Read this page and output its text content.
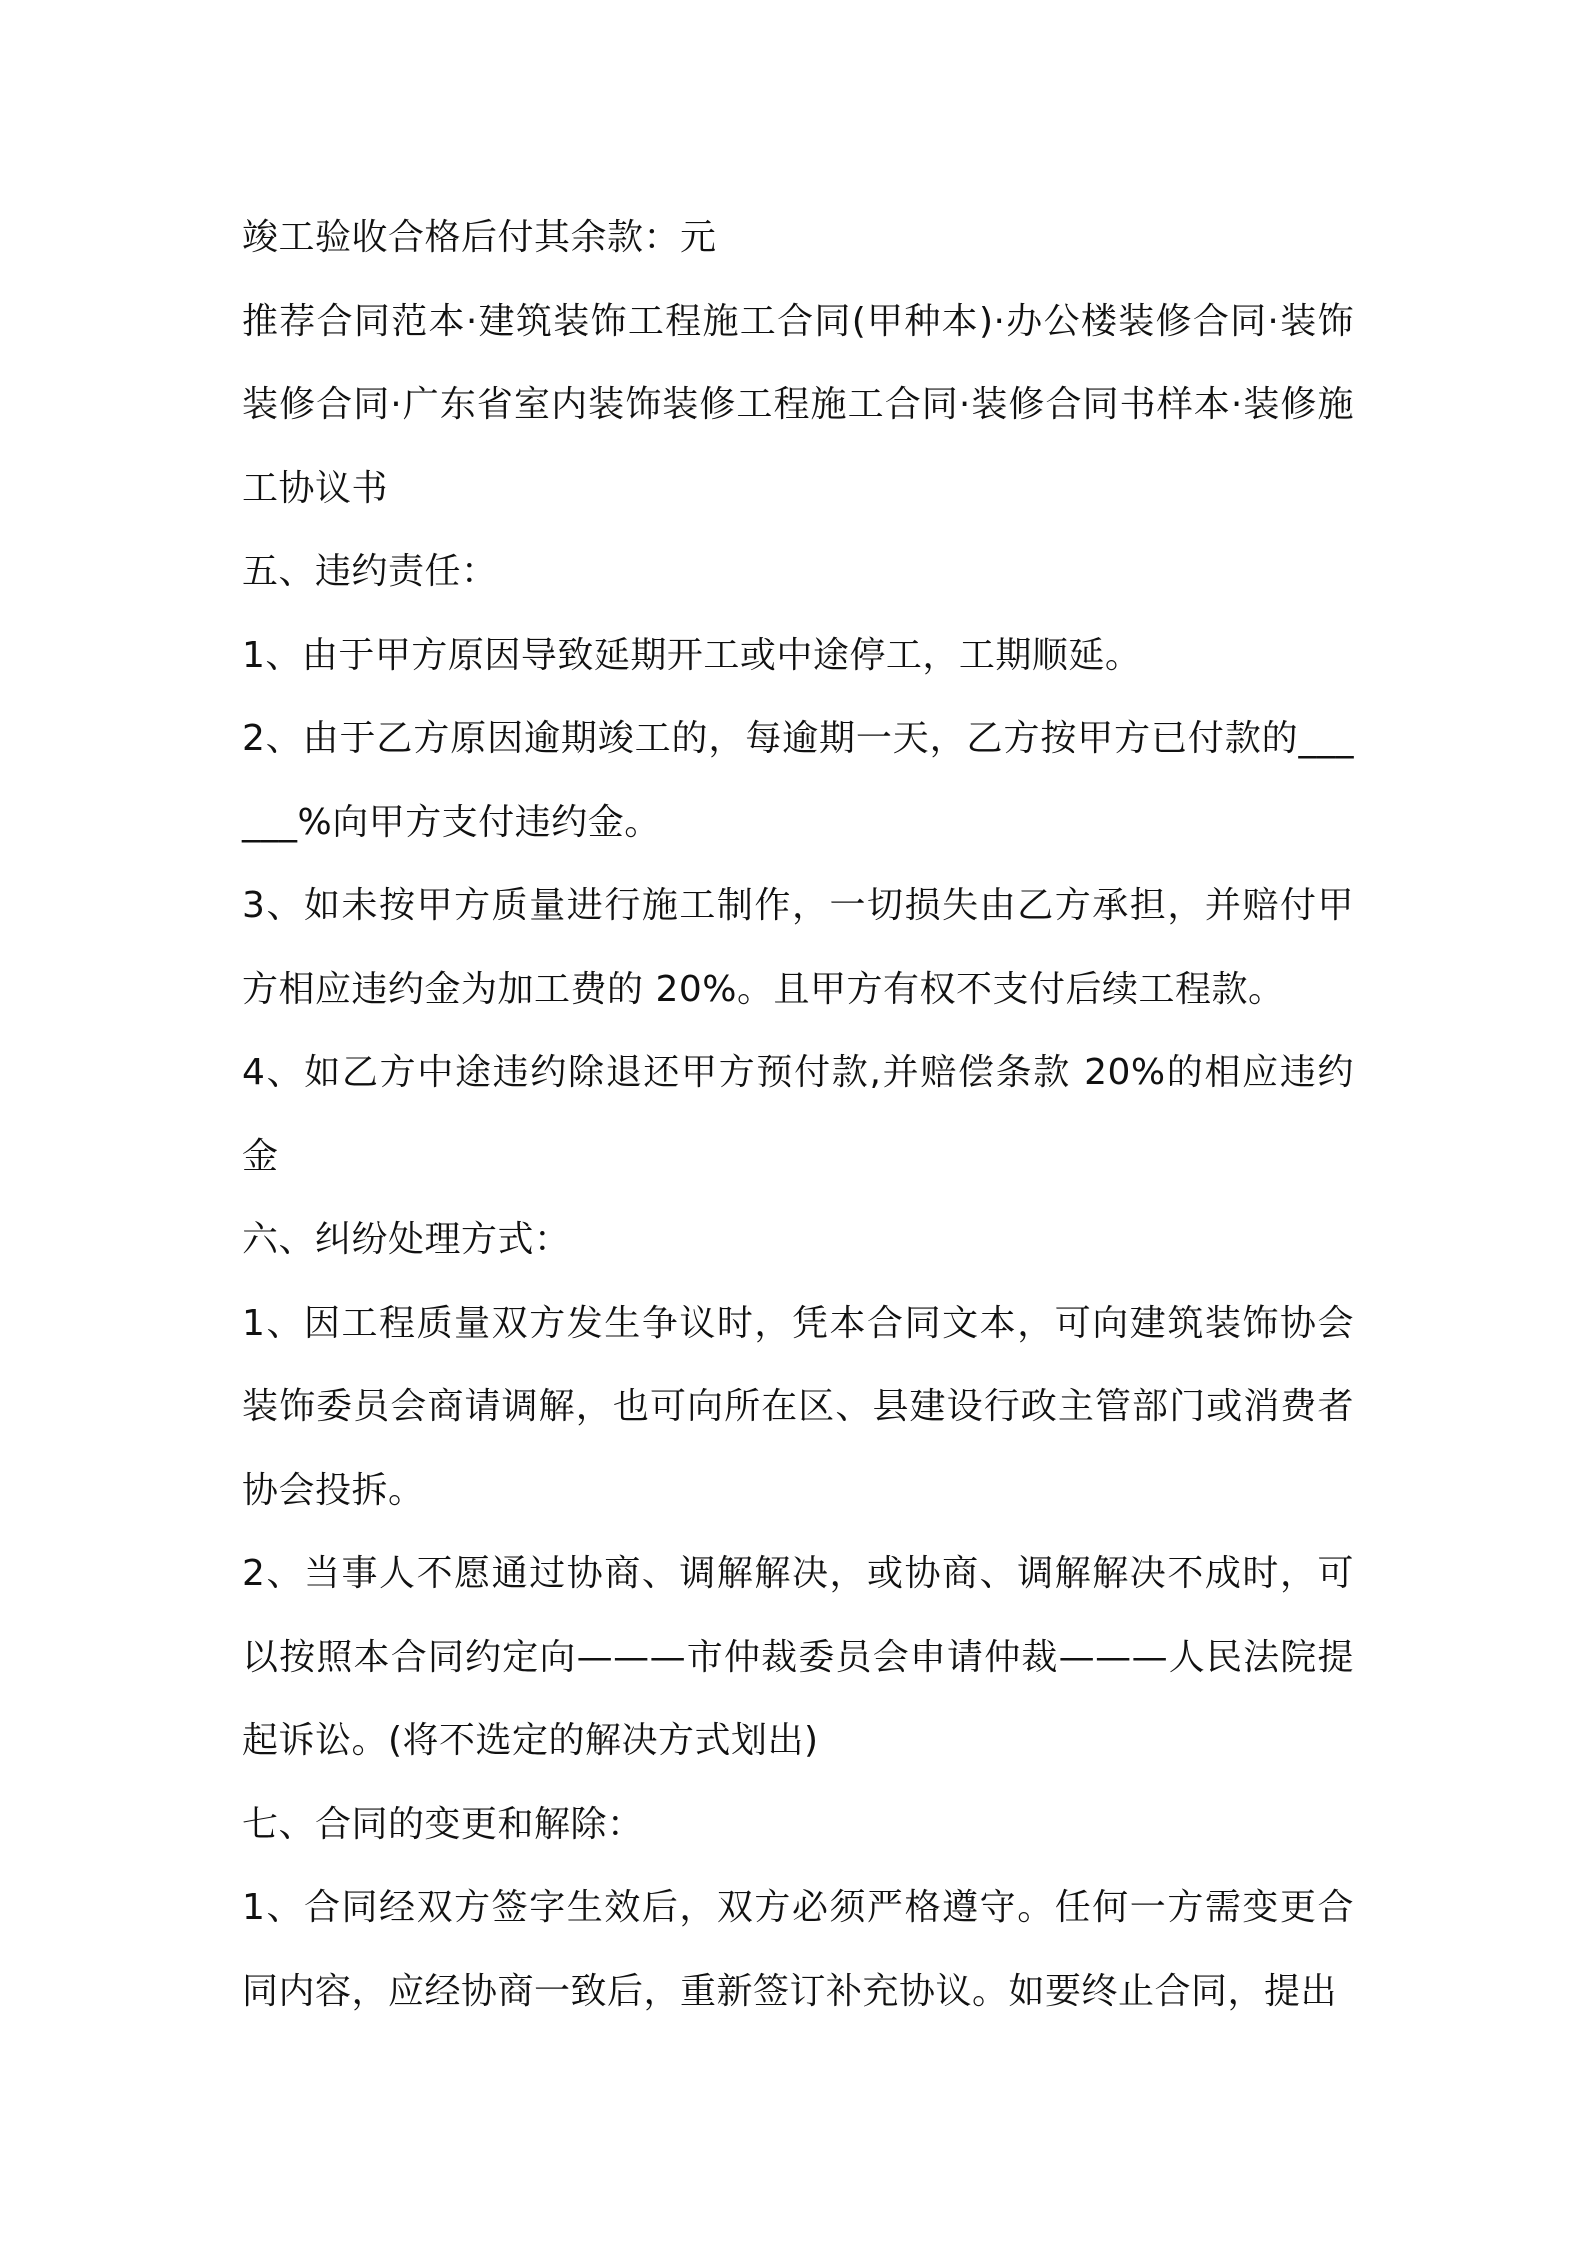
竣工验收合格后付其余款：元

推荐合同范本·建筑装饰工程施工合同(甲种本)·办公楼装修合同·装饰装修合同·广东省室内装饰装修工程施工合同·装修合同书样本·装修施工协议书

五、违约责任：

1、由于甲方原因导致延期开工或中途停工，工期顺延。

2、由于乙方原因逾期竣工的，每逾期一天，乙方按甲方已付款的______%向甲方支付违约金。

3、如未按甲方质量进行施工制作，一切损失由乙方承担，并赔付甲方相应违约金为加工费的 20%。且甲方有权不支付后续工程款。

4、如乙方中途违约除退还甲方预付款,并赔偿条款 20%的相应违约金

六、纠纷处理方式：

1、因工程质量双方发生争议时，凭本合同文本，可向建筑装饰协会装饰委员会商请调解，也可向所在区、县建设行政主管部门或消费者协会投拆。

2、当事人不愿通过协商、调解解决，或协商、调解解决不成时，可以按照本合同约定向———市仲裁委员会申请仲裁———人民法院提起诉讼。(将不选定的解决方式划出)

七、合同的变更和解除：

1、合同经双方签字生效后，双方必须严格遵守。任何一方需变更合同内容，应经协商一致后，重新签订补充协议。如要终止合同，提出
